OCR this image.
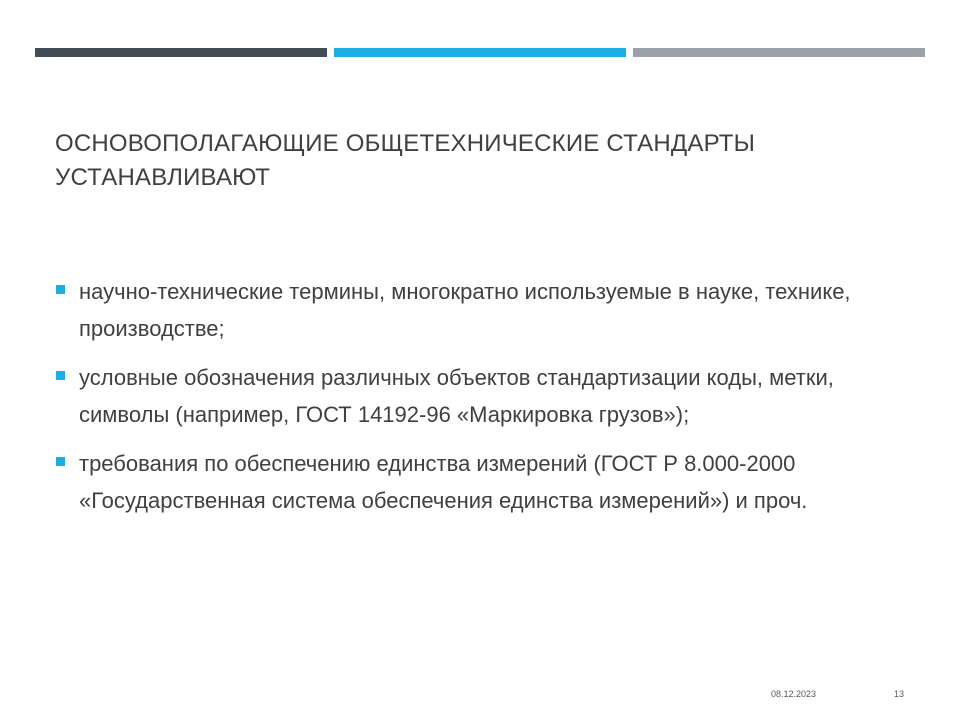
ОСНОВОПОЛАГАЮЩИЕ ОБЩЕТЕХНИЧЕСКИЕ СТАНДАРТЫ УСТАНАВЛИВАЮТ
научно-технические термины, многократно используемые в науке, технике, производстве;
условные обозначения различных объектов стандартизации коды, метки, символы (например, ГОСТ 14192-96 «Маркировка грузов»);
требования по обеспечению единства измерений (ГОСТ Р 8.000-2000 «Государственная система обеспечения единства измерений») и проч.
08.12.2023	13
